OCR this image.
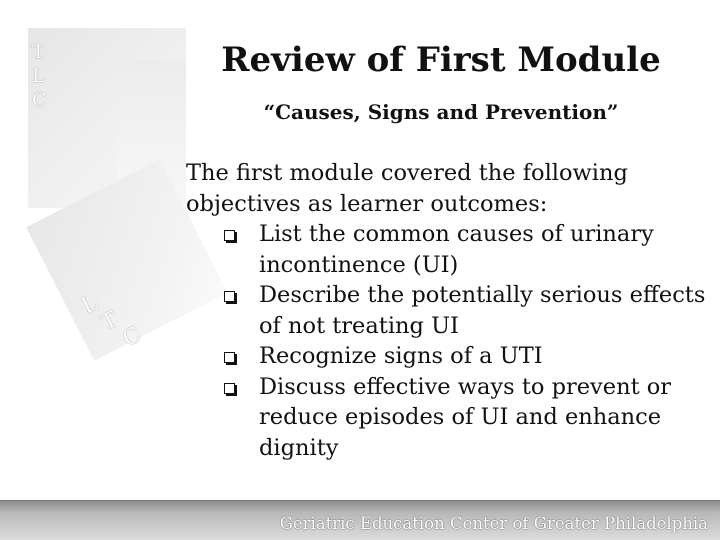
T
L
C
L
T
C
Review of First Module
“Causes, Signs and Prevention”

The first module covered the following objectives as learner outcomes:

List the common causes of urinary incontinence (UI)
Describe the potentially serious effects of not treating UI
Recognize signs of a UTI
Discuss effective ways to prevent or reduce episodes of UI and enhance dignity
Geriatric Education Center of Greater Philadelphia
